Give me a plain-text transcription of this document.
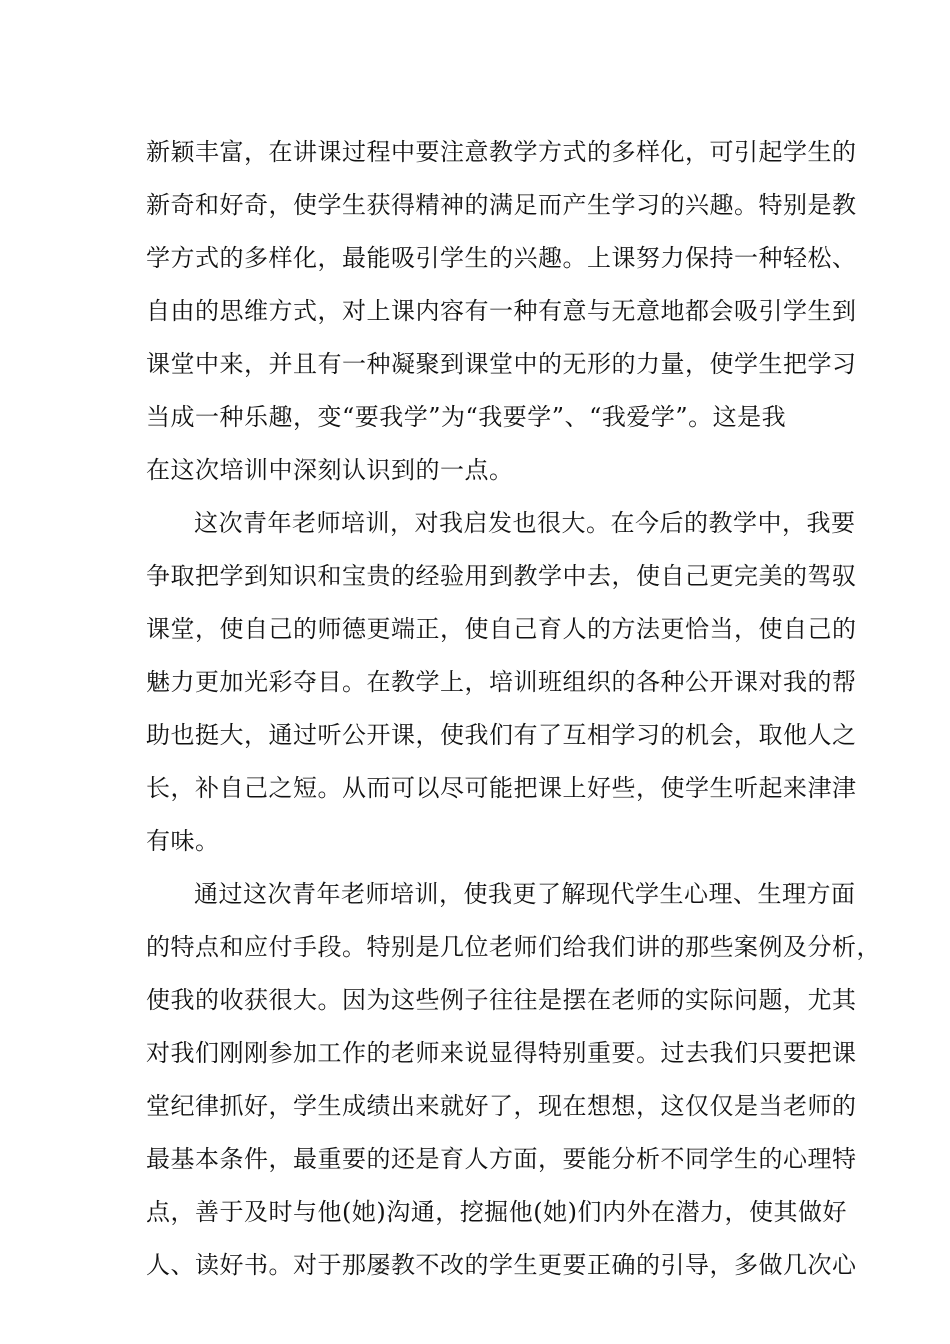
新颖丰富，在讲课过程中要注意教学方式的多样化，可引起学生的
新奇和好奇，使学生获得精神的满足而产生学习的兴趣。特别是教
学方式的多样化，最能吸引学生的兴趣。上课努力保持一种轻松、
自由的思维方式，对上课内容有一种有意与无意地都会吸引学生到
课堂中来，并且有一种凝聚到课堂中的无形的力量，使学生把学习
当成一种乐趣，变“要我学”为“我要学”、“我爱学”。这是我
在这次培训中深刻认识到的一点。
这次青年老师培训，对我启发也很大。在今后的教学中，我要
争取把学到知识和宝贵的经验用到教学中去，使自己更完美的驾驭
课堂，使自己的师德更端正，使自己育人的方法更恰当，使自己的
魅力更加光彩夺目。在教学上，培训班组织的各种公开课对我的帮
助也挺大，通过听公开课，使我们有了互相学习的机会，取他人之
长，补自己之短。从而可以尽可能把课上好些，使学生听起来津津
有味。
通过这次青年老师培训，使我更了解现代学生心理、生理方面
的特点和应付手段。特别是几位老师们给我们讲的那些案例及分析，
使我的收获很大。因为这些例子往往是摆在老师的实际问题，尤其
对我们刚刚参加工作的老师来说显得特别重要。过去我们只要把课
堂纪律抓好，学生成绩出来就好了，现在想想，这仅仅是当老师的
最基本条件，最重要的还是育人方面，要能分析不同学生的心理特
点，善于及时与他(她)沟通，挖掘他(她)们内外在潜力，使其做好
人、读好书。对于那屡教不改的学生更要正确的引导，多做几次心
